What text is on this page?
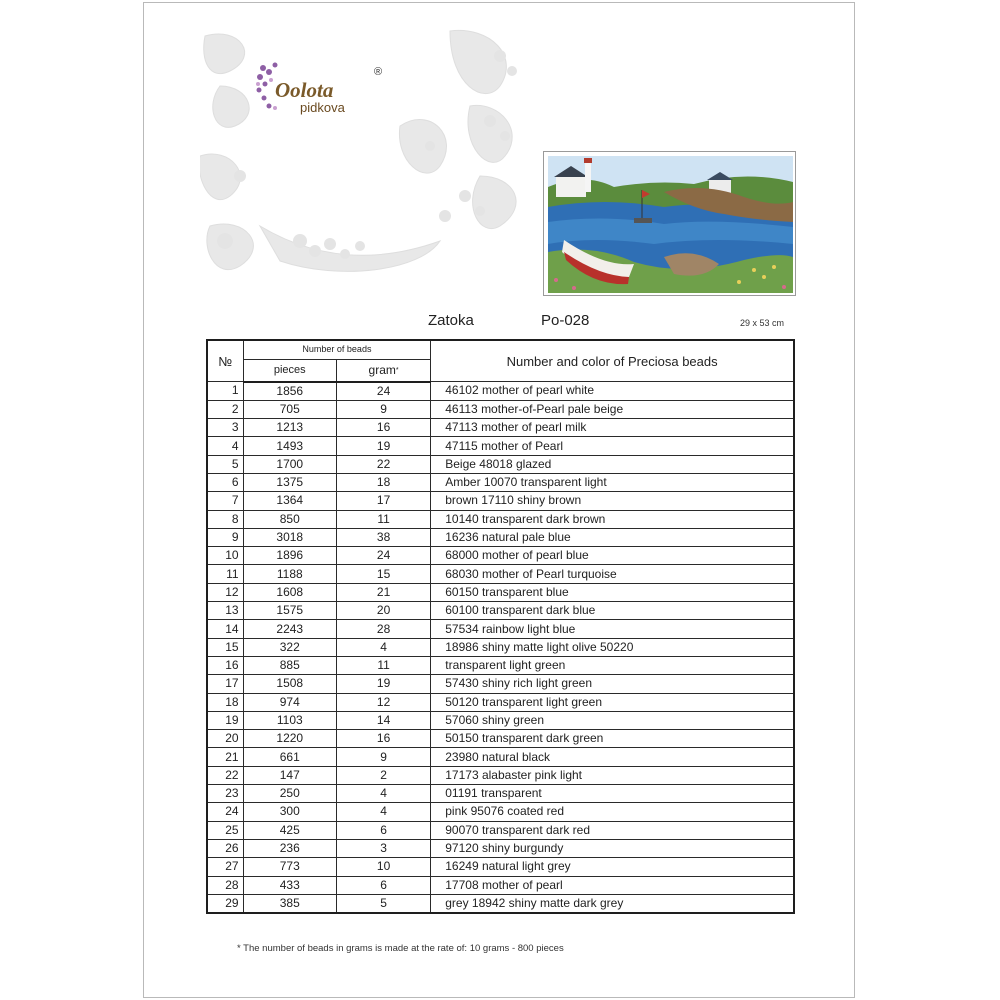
Oolota
®
pidkova
Zatoka	Po-028	29 x 53 cm
№	Number of beads		Number and color of Preciosa beads
	pieces	gram*
1	1856	24	46102 mother of pearl white
2	705	9	46113 mother-of-Pearl pale beige
3	1213	16	47113 mother of pearl milk
4	1493	19	47115 mother of Pearl
5	1700	22	Beige 48018 glazed
6	1375	18	Amber 10070 transparent light
7	1364	17	brown 17110 shiny brown
8	850	11	10140 transparent dark brown
9	3018	38	16236 natural pale blue
10	1896	24	68000 mother of pearl blue
11	1188	15	68030 mother of Pearl turquoise
12	1608	21	60150 transparent blue
13	1575	20	60100 transparent dark blue
14	2243	28	57534 rainbow light blue
15	322	4	18986 shiny matte light olive 50220
16	885	11	transparent light green
17	1508	19	57430 shiny rich light green
18	974	12	50120 transparent light green
19	1103	14	57060 shiny green
20	1220	16	50150 transparent dark green
21	661	9	23980 natural black
22	147	2	17173 alabaster pink light
23	250	4	01191 transparent
24	300	4	pink 95076 coated red
25	425	6	90070 transparent dark red
26	236	3	97120 shiny burgundy
27	773	10	16249 natural light grey
28	433	6	17708 mother of pearl
29	385	5	grey 18942 shiny matte dark grey
* The number of beads in grams is made at the rate of: 10 grams - 800 pieces
